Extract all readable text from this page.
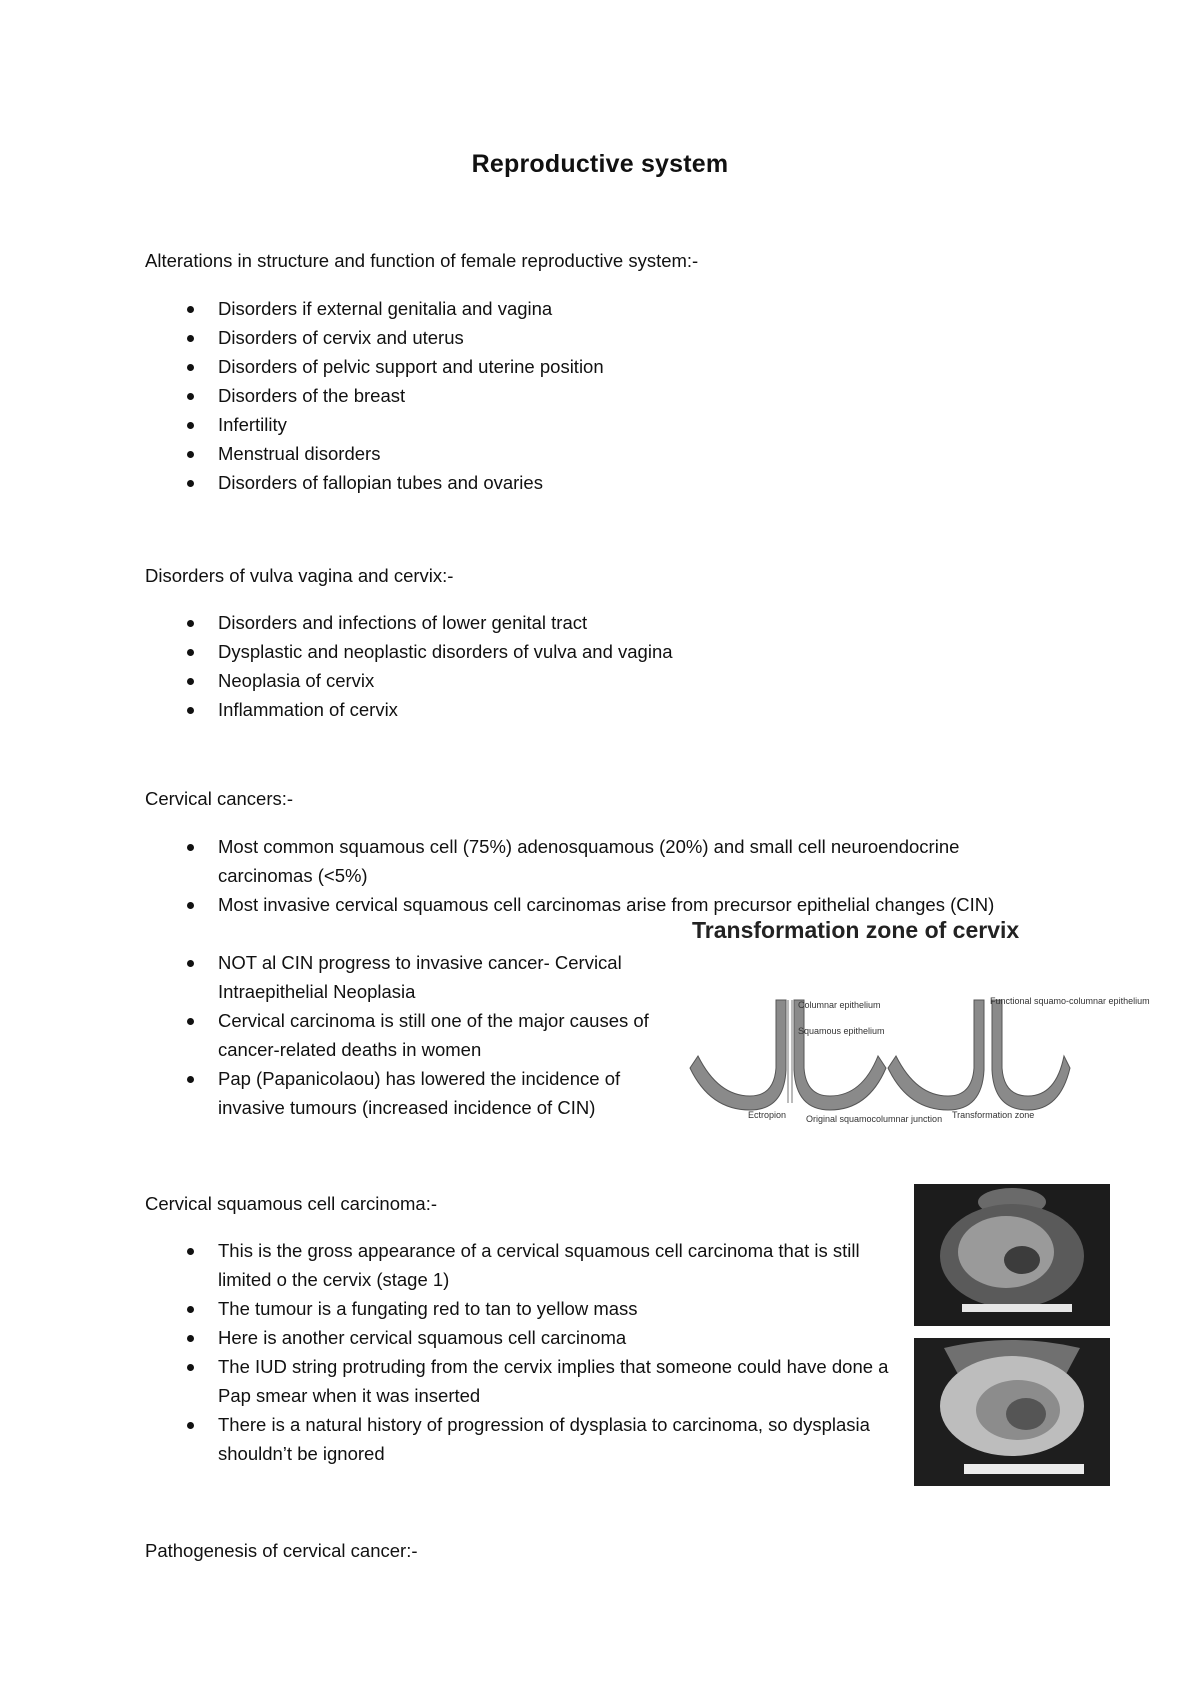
Reproductive system
Alterations in structure and function of female reproductive system:-
Disorders if external genitalia and vagina
Disorders of cervix and uterus
Disorders of pelvic support and uterine position
Disorders of the breast
Infertility
Menstrual disorders
Disorders of fallopian tubes and ovaries
Disorders of vulva vagina and cervix:-
Disorders and infections of lower genital tract
Dysplastic and neoplastic disorders of vulva and vagina
Neoplasia of cervix
Inflammation of cervix
Cervical cancers:-
Most common squamous cell (75%) adenosquamous (20%) and small cell neuroendocrine carcinomas (<5%)
Most invasive cervical squamous cell carcinomas arise from precursor epithelial changes (CIN)
NOT al CIN progress to invasive cancer- Cervical Intraepithelial Neoplasia
Cervical carcinoma is still one of the major causes of cancer-related deaths in women
Pap (Papanicolaou) has lowered the incidence of invasive tumours (increased incidence of CIN)
Transformation zone of cervix
Columnar epithelium
Squamous epithelium
Ectropion Original squamocolumnar junction
Functional squamo-columnar epithelium
Transformation zone
Cervical squamous cell carcinoma:-
This is the gross appearance of a cervical squamous cell carcinoma that is still limited o the cervix (stage 1)
The tumour is a fungating red to tan to yellow mass
Here is another cervical squamous cell carcinoma
The IUD string protruding from the cervix implies that someone could have done a Pap smear when it was inserted
There is a natural history of progression of dysplasia to carcinoma, so dysplasia shouldn’t be ignored
Pathogenesis of cervical cancer:-
